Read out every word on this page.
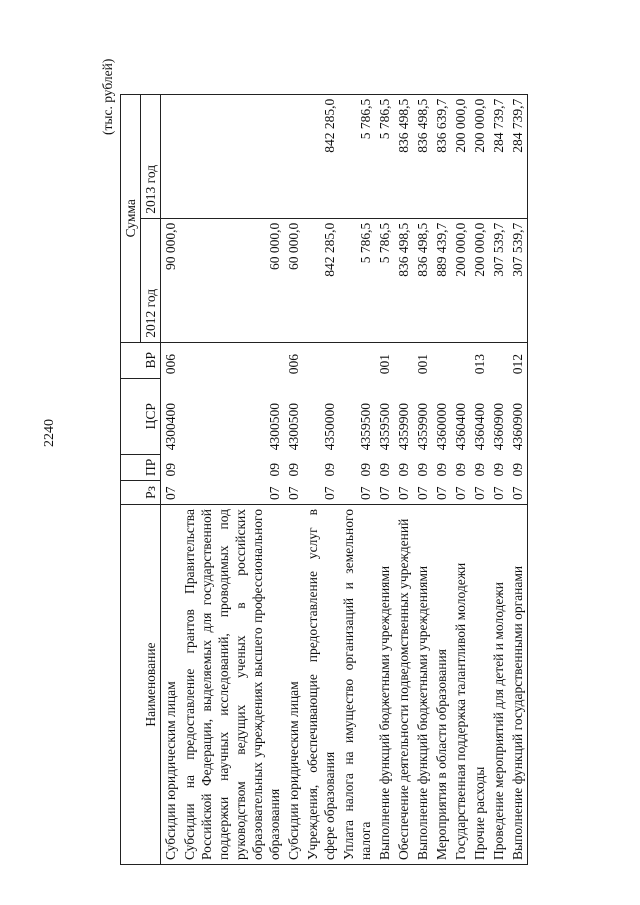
2240
(тыс. рублей)
Наименование	Рз	ПР	ЦСР	ВР	Сумма	
					2012 год	2013 год
Субсидии юридическим лицам	07	09	4300400	006	90 000,0	
Субсидии на предоставление грантов Правительства Российской Федерации, выделяемых для государственной поддержки научных исследований, проводимых под руководством ведущих ученых в российских образовательных учреждениях высшего профессионального образования	07	09	4300500		60 000,0	
Субсидии юридическим лицам	07	09	4300500	006	60 000,0	
Учреждения, обеспечивающие предоставление услуг в сфере образования	07	09	4350000		842 285,0	842 285,0
Уплата налога на имущество организаций и земельного налога	07	09	4359500		5 786,5	5 786,5
Выполнение функций бюджетными учреждениями	07	09	4359500	001	5 786,5	5 786,5
Обеспечение деятельности подведомственных учреждений	07	09	4359900		836 498,5	836 498,5
Выполнение функций бюджетными учреждениями	07	09	4359900	001	836 498,5	836 498,5
Мероприятия в области образования	07	09	4360000		889 439,7	836 639,7
Государственная поддержка талантливой молодежи	07	09	4360400		200 000,0	200 000,0
Прочие расходы	07	09	4360400	013	200 000,0	200 000,0
Проведение мероприятий для детей и молодежи	07	09	4360900		307 539,7	284 739,7
Выполнение функций государственными органами	07	09	4360900	012	307 539,7	284 739,7
